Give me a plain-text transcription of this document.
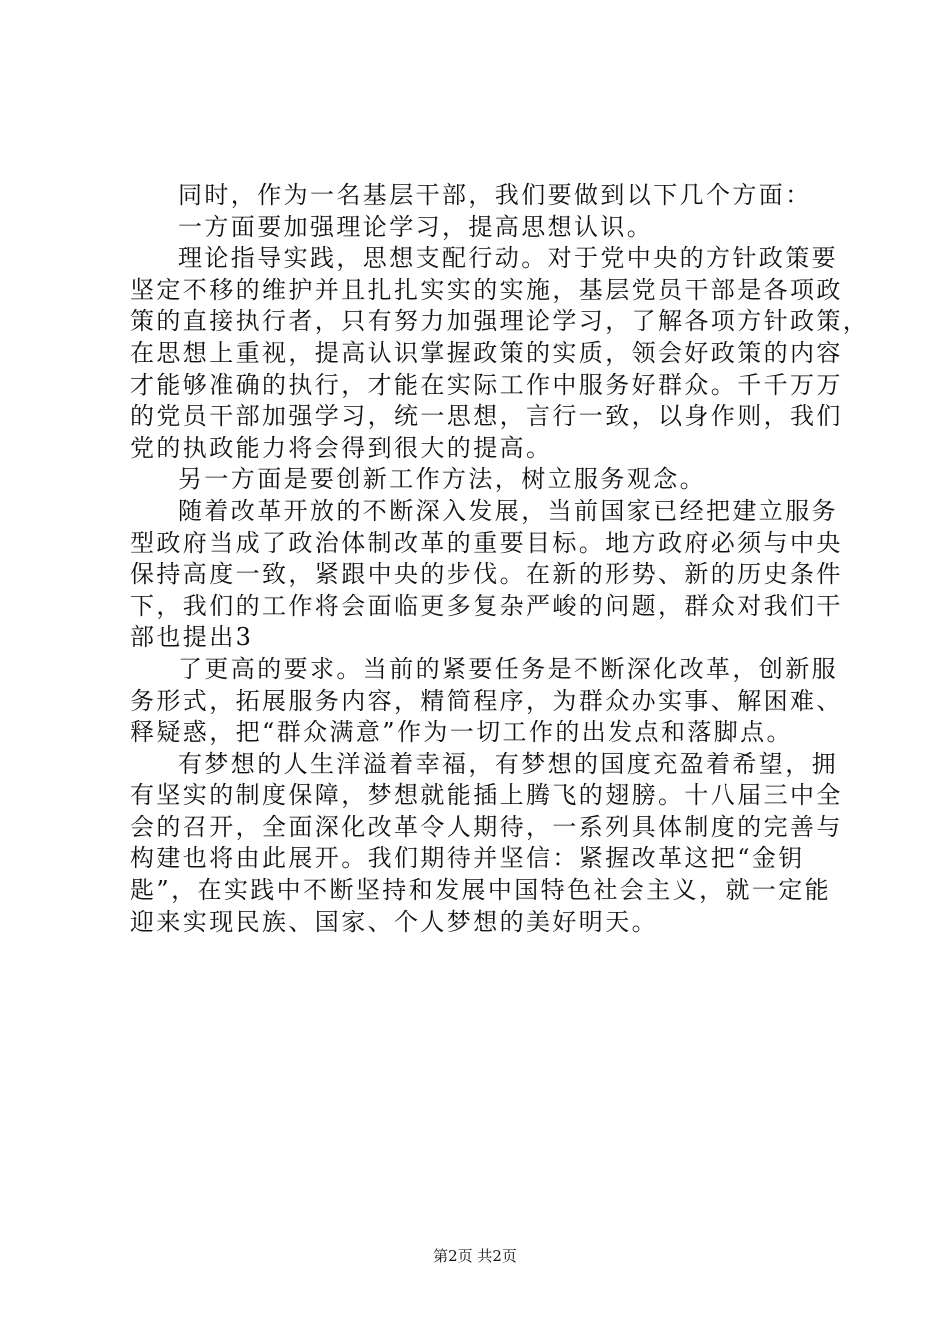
同时，作为一名基层干部，我们要做到以下几个方面：
一方面要加强理论学习，提高思想认识。
理论指导实践，思想支配行动。对于党中央的方针政策要
坚定不移的维护并且扎扎实实的实施，基层党员干部是各项政
策的直接执行者，只有努力加强理论学习，了解各项方针政策，
在思想上重视，提高认识掌握政策的实质，领会好政策的内容
才能够准确的执行，才能在实际工作中服务好群众。千千万万
的党员干部加强学习，统一思想，言行一致，以身作则，我们
党的执政能力将会得到很大的提高。
另一方面是要创新工作方法，树立服务观念。
随着改革开放的不断深入发展，当前国家已经把建立服务
型政府当成了政治体制改革的重要目标。地方政府必须与中央
保持高度一致，紧跟中央的步伐。在新的形势、新的历史条件
下，我们的工作将会面临更多复杂严峻的问题，群众对我们干
部也提出3
了更高的要求。当前的紧要任务是不断深化改革，创新服
务形式，拓展服务内容，精简程序，为群众办实事、解困难、
释疑惑，把“群众满意”作为一切工作的出发点和落脚点。
有梦想的人生洋溢着幸福，有梦想的国度充盈着希望，拥
有坚实的制度保障，梦想就能插上腾飞的翅膀。十八届三中全
会的召开，全面深化改革令人期待，一系列具体制度的完善与
构建也将由此展开。我们期待并坚信：紧握改革这把“金钥
匙”，在实践中不断坚持和发展中国特色社会主义，就一定能
迎来实现民族、国家、个人梦想的美好明天。
第2页 共2页
